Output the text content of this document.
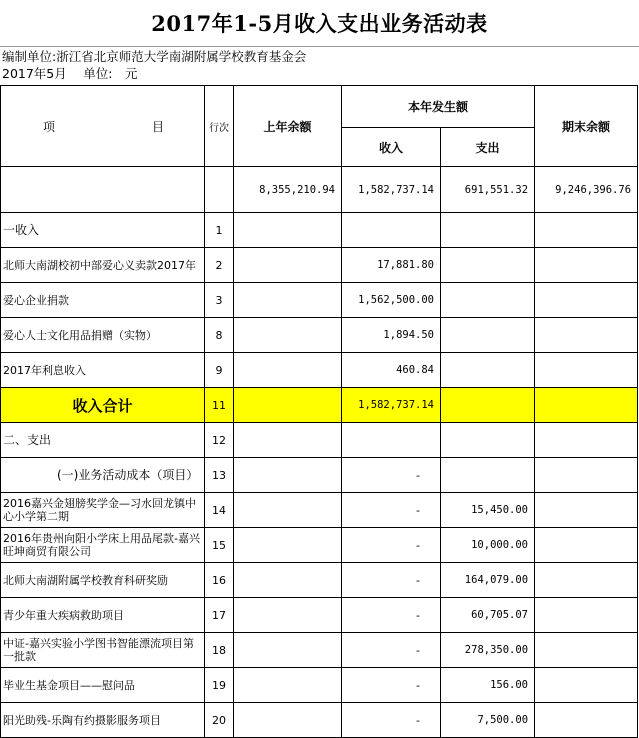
2017年1-5月收入支出业务活动表
编制单位:浙江省北京师范大学南湖附属学校教育基金会
2017年5月　 单位:　元
项 目	行次	上年余额	本年发生额		期末余额
			收入	支出	
		8,355,210.94	1,582,737.14	691,551.32	9,246,396.76
一收入	1				
北师大南湖校初中部爱心义卖款2017年	2		17,881.80		
爱心企业捐款	3		1,562,500.00		
爱心人士文化用品捐赠（实物）	8		1,894.50		
2017年利息收入	9		460.84		
收入合计	11		1,582,737.14		
二、支出	12				
(一)业务活动成本（项目）	13		-		
2016嘉兴金翅膀奖学金—习水回龙镇中心小学第二期	14		-	15,450.00	
2016年贵州向阳小学床上用品尾款-嘉兴旺坤商贸有限公司	15		-	10,000.00	
北师大南湖附属学校教育科研奖励	16		-	164,079.00	
青少年重大疾病救助项目	17		-	60,705.07	
中证-嘉兴实验小学图书智能漂流项目第一批款	18		-	278,350.00	
毕业生基金项目——慰问品	19		-	156.00	
阳光助残-乐陶有约摄影服务项目	20		-	7,500.00	
